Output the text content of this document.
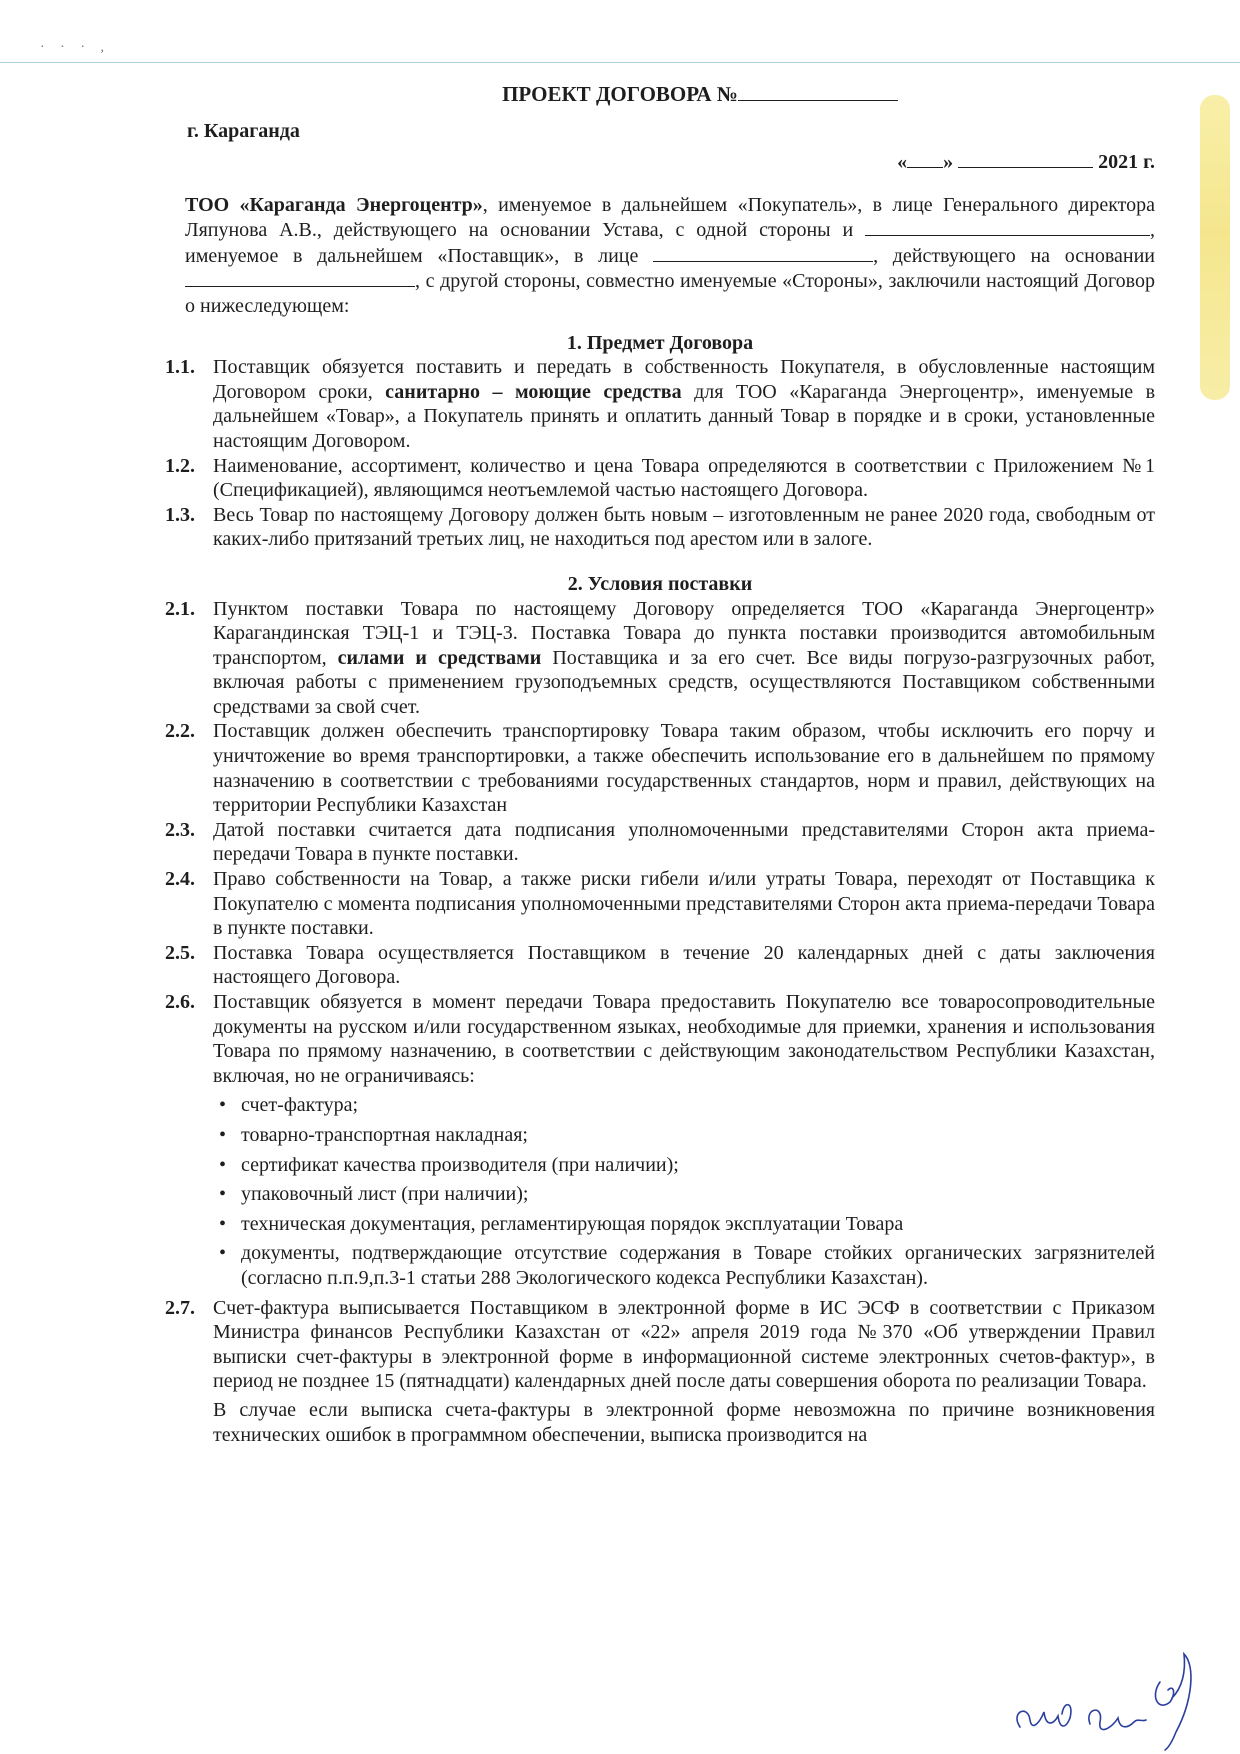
· · · ,
ПРОЕКТ ДОГОВОРА №
г. Караганда
« »	2021 г.
ТОО «Караганда Энергоцентр», именуемое в дальнейшем «Покупатель», в лице Генерального директора Ляпунова А.В., действующего на основании Устава, с одной стороны и	, именуемое в дальнейшем «Поставщик», в лице	, действующего на основании , с другой стороны, совместно именуемые «Стороны», заключили настоящий Договор о нижеследующем:
1. Предмет Договора
1.1. Поставщик обязуется поставить и передать в собственность Покупателя, в обусловленные настоящим Договором сроки, санитарно – моющие средства для ТОО «Караганда Энергоцентр», именуемые в дальнейшем «Товар», а Покупатель принять и оплатить данный Товар в порядке и в сроки, установленные настоящим Договором.
1.2. Наименование, ассортимент, количество и цена Товара определяются в соответствии с Приложением №1 (Спецификацией), являющимся неотъемлемой частью настоящего Договора.
1.3. Весь Товар по настоящему Договору должен быть новым – изготовленным не ранее 2020 года, свободным от каких-либо притязаний третьих лиц, не находиться под арестом или в залоге.
2. Условия поставки
2.1. Пунктом поставки Товара по настоящему Договору определяется ТОО «Караганда Энергоцентр» Карагандинская ТЭЦ-1 и ТЭЦ-3. Поставка Товара до пункта поставки производится автомобильным транспортом, силами и средствами Поставщика и за его счет. Все виды погрузо-разгрузочных работ, включая работы с применением грузоподъемных средств, осуществляются Поставщиком собственными средствами за свой счет.
2.2. Поставщик должен обеспечить транспортировку Товара таким образом, чтобы исключить его порчу и уничтожение во время транспортировки, а также обеспечить использование его в дальнейшем по прямому назначению в соответствии с требованиями государственных стандартов, норм и правил, действующих на территории Республики Казахстан
2.3. Датой поставки считается дата подписания уполномоченными представителями Сторон акта приема-передачи Товара в пункте поставки.
2.4. Право собственности на Товар, а также риски гибели и/или утраты Товара, переходят от Поставщика к Покупателю с момента подписания уполномоченными представителями Сторон акта приема-передачи Товара в пункте поставки.
2.5. Поставка Товара осуществляется Поставщиком в течение 20 календарных дней с даты заключения настоящего Договора.
2.6. Поставщик обязуется в момент передачи Товара предоставить Покупателю все товаросопроводительные документы на русском и/или государственном языках, необходимые для приемки, хранения и использования Товара по прямому назначению, в соответствии с действующим законодательством Республики Казахстан, включая, но не ограничиваясь:
• счет-фактура;
• товарно-транспортная накладная;
• сертификат качества производителя (при наличии);
• упаковочный лист (при наличии);
• техническая документация, регламентирующая порядок эксплуатации Товара
• документы, подтверждающие отсутствие содержания в Товаре стойких органических загрязнителей (согласно п.п.9,п.3-1 статьи 288 Экологического кодекса Республики Казахстан).
2.7. Счет-фактура выписывается Поставщиком в электронной форме в ИС ЭСФ в соответствии с Приказом Министра финансов Республики Казахстан от «22» апреля 2019 года №370 «Об утверждении Правил выписки счет-фактуры в электронной форме в информационной системе электронных счетов-фактур», в период не позднее 15 (пятнадцати) календарных дней после даты совершения оборота по реализации Товара.
В случае если выписка счета-фактуры в электронной форме невозможна по причине возникновения технических ошибок в программном обеспечении, выписка производится на
